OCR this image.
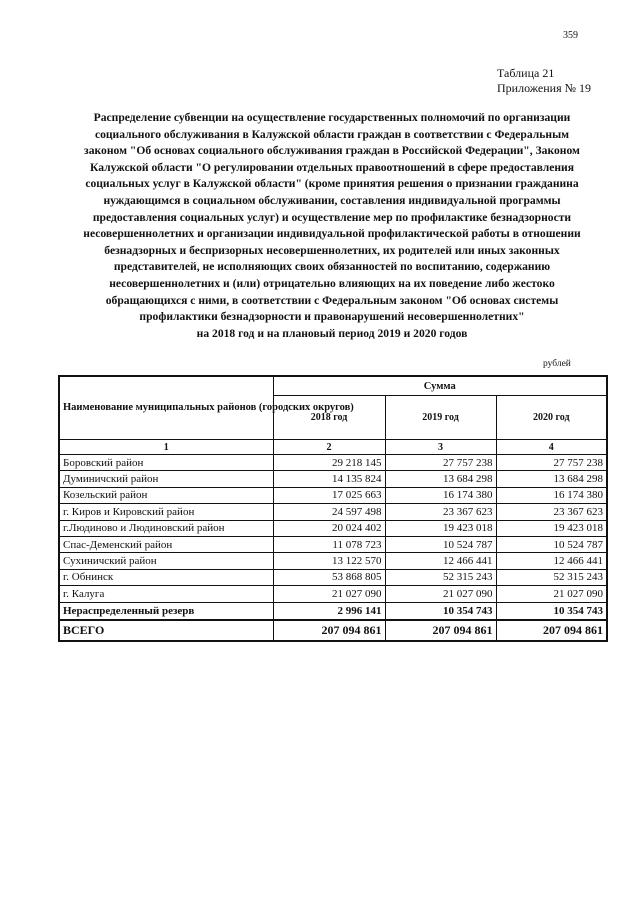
359
Таблица 21
Приложения № 19
Распределение субвенции на осуществление государственных полномочий по организации
социального обслуживания в Калужской области граждан в соответствии с Федеральным
законом "Об основах социального обслуживания граждан в Российской Федерации", Законом
Калужской области "О регулировании отдельных правоотношений в сфере предоставления
социальных услуг в Калужской области" (кроме принятия решения о признании гражданина
нуждающимся в социальном обслуживании, составления индивидуальной программы
предоставления социальных услуг) и осуществление мер по профилактике безнадзорности
несовершеннолетних и организации индивидуальной профилактической работы в отношении
безнадзорных и беспризорных несовершеннолетних, их родителей или иных законных
представителей, не исполняющих своих обязанностей по воспитанию, содержанию
несовершеннолетних и (или) отрицательно влияющих на их поведение либо жестоко
обращающихся с ними, в соответствии с Федеральным законом "Об основах системы
профилактики безнадзорности и правонарушений несовершеннолетних"
на 2018 год и на плановый период 2019 и 2020 годов
рублей
Наименование муниципальных районов (городских округов)	Сумма		
	2018 год	2019 год	2020 год
1	2	3	4
Боровский район	29 218 145	27 757 238	27 757 238
Думиничский район	14 135 824	13 684 298	13 684 298
Козельский район	17 025 663	16 174 380	16 174 380
г. Киров и Кировский район	24 597 498	23 367 623	23 367 623
г.Людиново и Людиновский район	20 024 402	19 423 018	19 423 018
Спас-Деменский район	11 078 723	10 524 787	10 524 787
Сухиничский район	13 122 570	12 466 441	12 466 441
г. Обнинск	53 868 805	52 315 243	52 315 243
г. Калуга	21 027 090	21 027 090	21 027 090
Нераспределенный резерв	2 996 141	10 354 743	10 354 743
ВСЕГО	207 094 861	207 094 861	207 094 861
